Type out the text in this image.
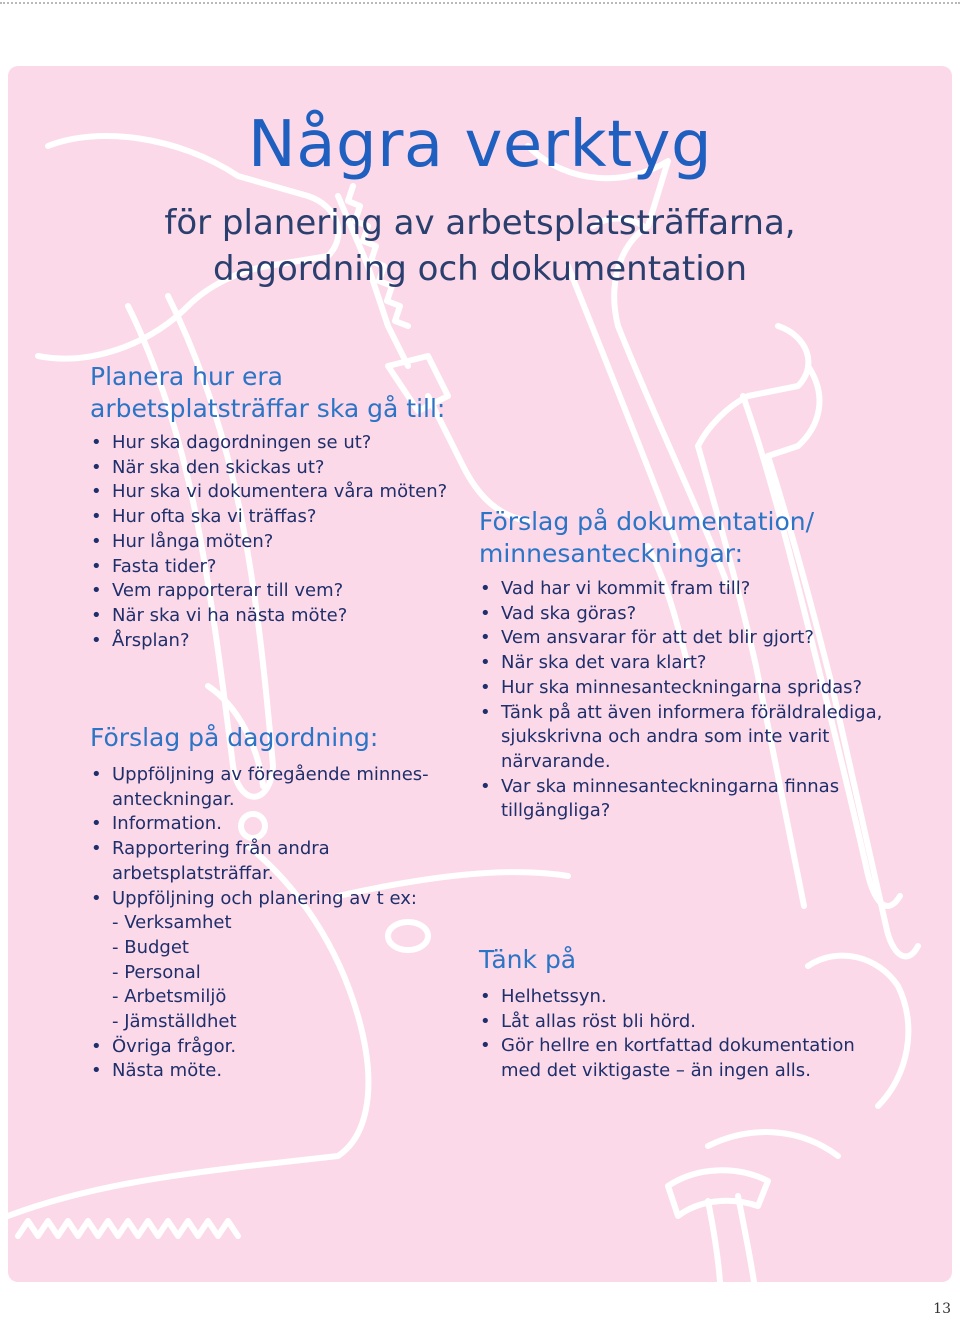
Några verktyg
för planering av arbetsplatsträffarna,
dagordning och dokumentation
Planera hur era
arbetsplatsträffar ska gå till:
• Hur ska dagordningen se ut?
• När ska den skickas ut?
• Hur ska vi dokumentera våra möten?
• Hur ofta ska vi träffas?
• Hur långa möten?
• Fasta tider?
• Vem rapporterar till vem?
• När ska vi ha nästa möte?
• Årsplan?
Förslag på dagordning:
• Uppföljning av föregående minnes-
anteckningar.
• Information.
• Rapportering från andra
arbetsplatsträffar.
• Uppföljning och planering av t ex:
- Verksamhet
- Budget
- Personal
- Arbetsmiljö
- Jämställdhet
• Övriga frågor.
• Nästa möte.
Förslag på dokumentation/
minnesanteckningar:
• Vad har vi kommit fram till?
• Vad ska göras?
• Vem ansvarar för att det blir gjort?
• När ska det vara klart?
• Hur ska minnesanteckningarna spridas?
• Tänk på att även informera föräldralediga,
sjukskrivna och andra som inte varit
närvarande.
• Var ska minnesanteckningarna finnas
tillgängliga?
Tänk på
• Helhetssyn.
• Låt allas röst bli hörd.
• Gör hellre en kortfattad dokumentation
med det viktigaste – än ingen alls.
13
